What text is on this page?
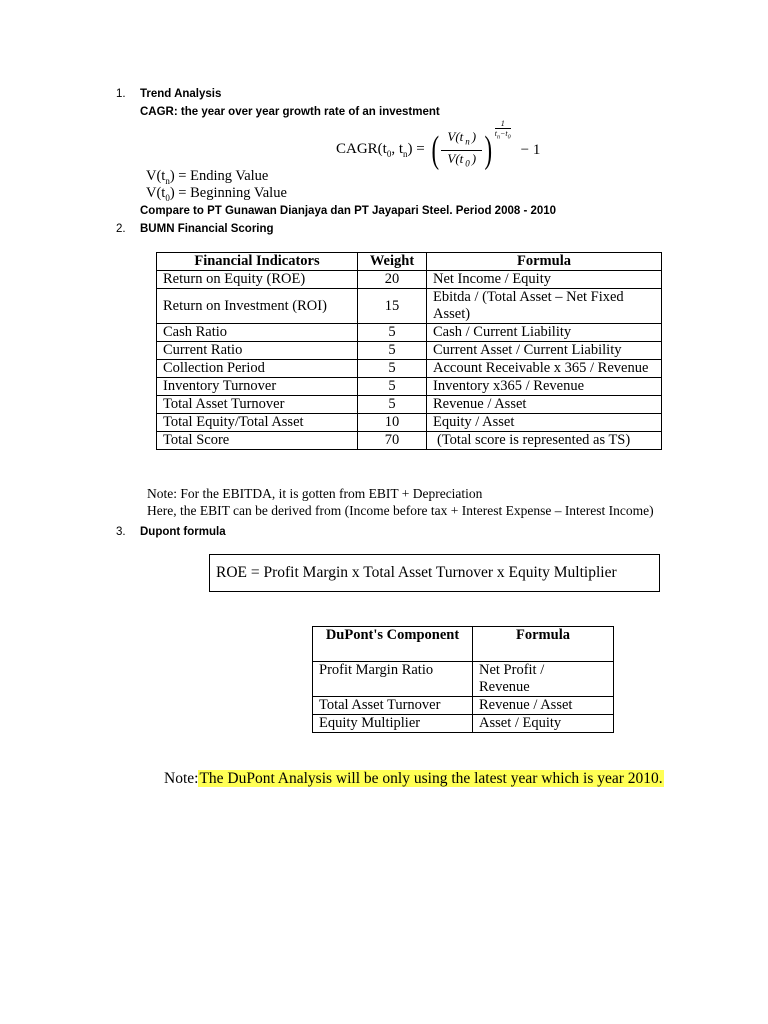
1. Trend Analysis
CAGR: the year over year growth rate of an investment
$CAGR(t_0$, $t_n$) = ( $\frac{V(t _n )}{V(t _0 )}$ )
1
$t_n-t_0$
− 1
$V(t_n)$ = Ending Value
$V(t_0)$ = Beginning Value
Compare to PT Gunawan Dianjaya dan PT Jayapari Steel. Period 2008 - 2010
2. BUMN Financial Scoring
Financial Indicators	Weight	Formula
Return on Equity (ROE)	20	Net Income / Equity
Return on Investment (ROI)	15	Ebitda / (Total Asset – Net Fixed Asset)
Cash Ratio	5	Cash / Current Liability
Current Ratio	5	Current Asset / Current Liability
Collection Period	5	Account Receivable x 365 / Revenue
Inventory Turnover	5	Inventory x365 / Revenue
Total Asset Turnover	5	Revenue / Asset
Total Equity/Total Asset	10	Equity / Asset
Total Score	70	(Total score is represented as TS)
Note: For the EBITDA, it is gotten from EBIT + Depreciation
Here, the EBIT can be derived from (Income before tax + Interest Expense – Interest Income)
3. Dupont formula
ROE = Profit Margin x Total Asset Turnover x Equity Multiplier
DuPont's Component	Formula
Profit Margin Ratio	Net Profit / Revenue
Total Asset Turnover	Revenue / Asset
Equity Multiplier	Asset / Equity
Note:The DuPont Analysis will be only using the latest year which is year 2010.
